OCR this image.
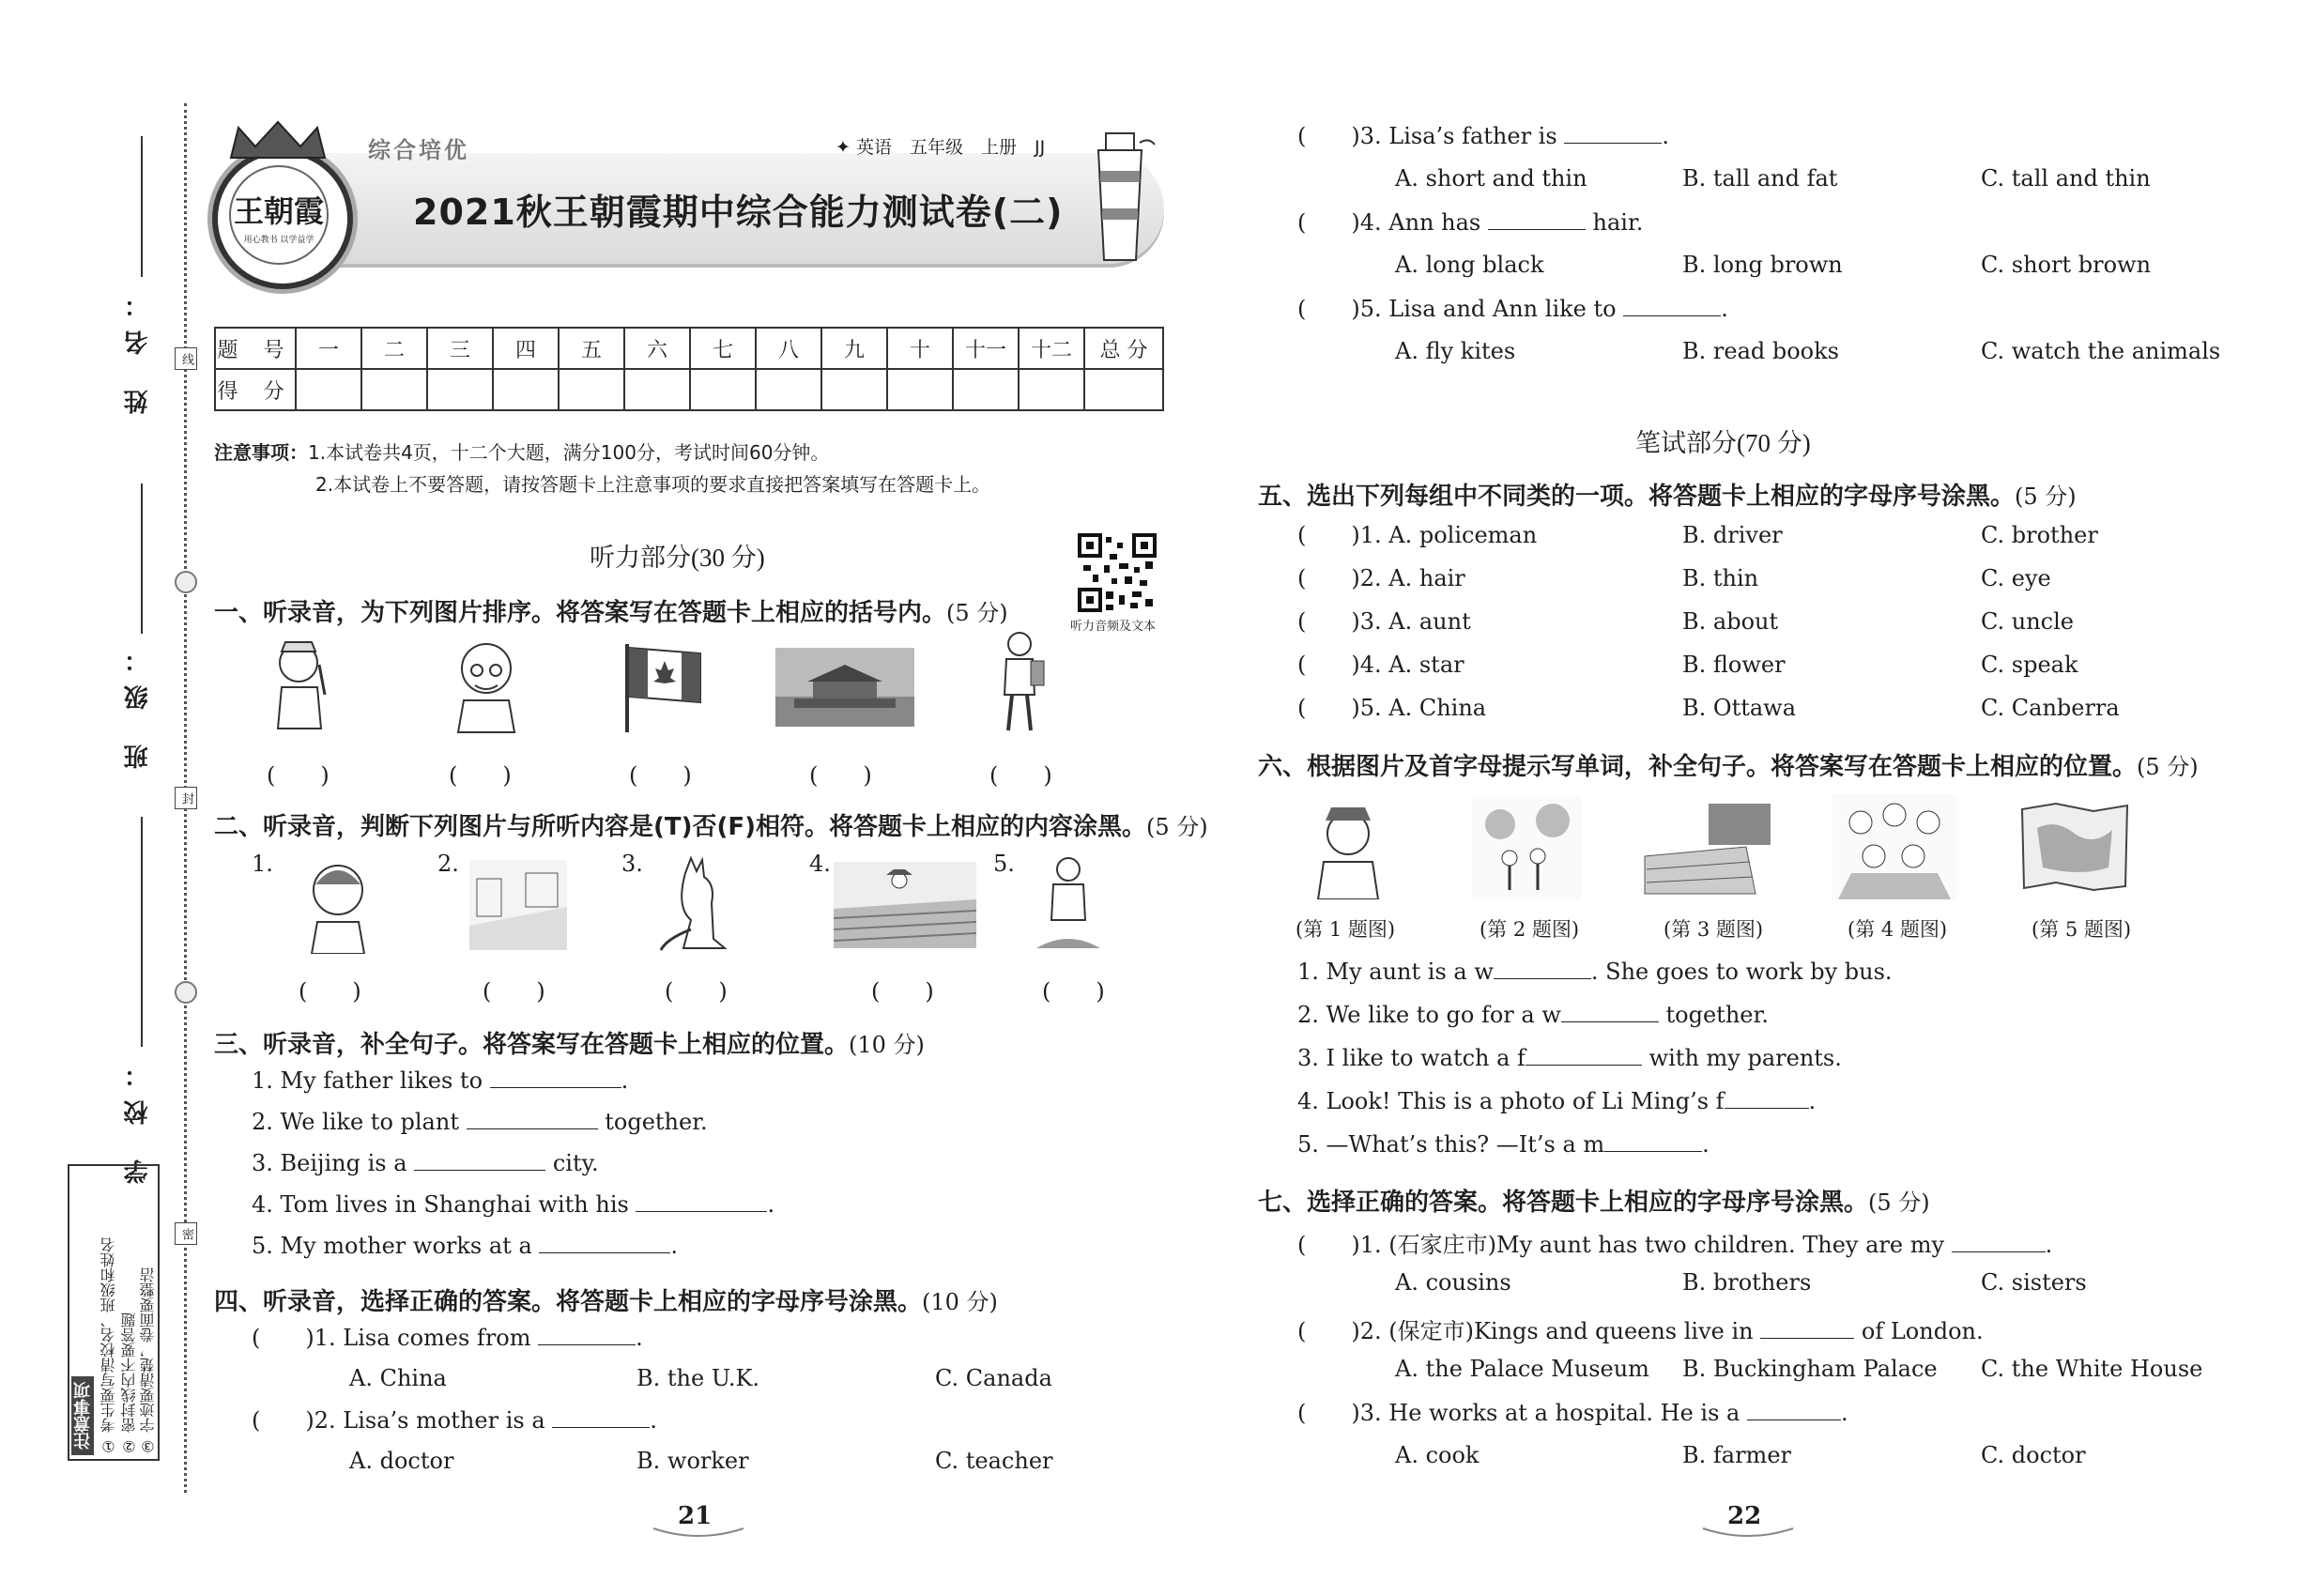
线
封
密
姓 名：
班 级：
学 校：
注意事项 ① 考生要写清校名、班级和姓名 ② 密封线内不要答题 ③ 字迹要清楚，卷面要整洁
综合培优	✦ 英语　五年级　上册　JJ
2021秋王朝霞期中综合能力测试卷(二)
王朝霞
用心教书 以学益学
题 号	一	二	三	四	五	六	七	八	九	十	十一	十二	总 分
得 分													
注意事项：1.本试卷共4页，十二个大题，满分100分，考试时间60分钟。
2.本试卷上不要答题，请按答题卡上注意事项的要求直接把答案填写在答题卡上。
听力部分(30 分)
听力音频及文本
一、听录音，为下列图片排序。将答案写在答题卡上相应的括号内。(5 分)
(　　)	(　　)	(　　)	(　　)	(　　)
二、听录音，判断下列图片与所听内容是(T)否(F)相符。将答题卡上相应的内容涂黑。(5 分)
1.	2.	3.	4.	5.
(　　)	(　　)	(　　)	(　　)	(　　)
三、听录音，补全句子。将答案写在答题卡上相应的位置。(10 分)
1. My father likes to	.
2. We like to plant	together.
3. Beijing is a	city.
4. Tom lives in Shanghai with his	.
5. My mother works at a	.
四、听录音，选择正确的答案。将答题卡上相应的字母序号涂黑。(10 分)
( )1. Lisa comes from	.
A. China	B. the U.K.	C. Canada
( )2. Lisa’s mother is a	.
A. doctor	B. worker	C. teacher
21
( )3. Lisa’s father is	.
A. short and thin	B. tall and fat	C. tall and thin
( )4. Ann has	hair.
A. long black	B. long brown	C. short brown
( )5. Lisa and Ann like to	.
A. fly kites	B. read books	C. watch the animals
笔试部分(70 分)
五、选出下列每组中不同类的一项。将答题卡上相应的字母序号涂黑。(5 分)
( )1. A. policeman	B. driver	C. brother
( )2. A. hair	B. thin	C. eye
( )3. A. aunt	B. about	C. uncle
( )4. A. star	B. flower	C. speak
( )5. A. China	B. Ottawa	C. Canberra
六、根据图片及首字母提示写单词，补全句子。将答案写在答题卡上相应的位置。(5 分)
(第 1 题图)	(第 2 题图)	(第 3 题图)	(第 4 题图)	(第 5 题图)
1. My aunt is a w	. She goes to work by bus.
2. We like to go for a w	together.
3. I like to watch a f	with my parents.
4. Look! This is a photo of Li Ming’s f	.
5. —What’s this? —It’s a m	.
七、选择正确的答案。将答题卡上相应的字母序号涂黑。(5 分)
( )1. (石家庄市)My aunt has two children. They are my	.
A. cousins	B. brothers	C. sisters
( )2. (保定市)Kings and queens live in	of London.
A. the Palace Museum B. Buckingham Palace C. the White House
( )3. He works at a hospital. He is a	.
A. cook	B. farmer	C. doctor
22
